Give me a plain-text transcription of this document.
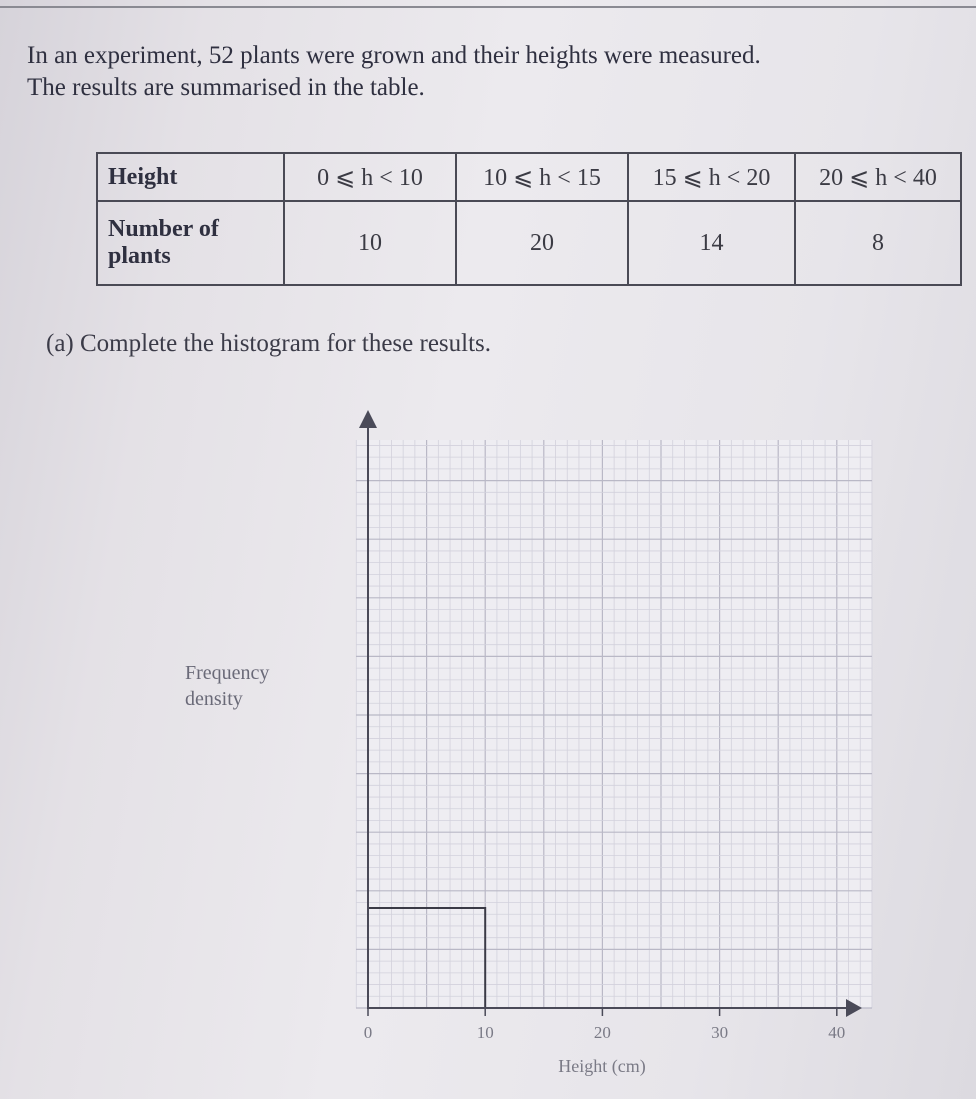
In an experiment, 52 plants were grown and their heights were measured.
The results are summarised in the table.
Height	0 ⩽ h < 10	10 ⩽ h < 15	15 ⩽ h < 20	20 ⩽ h < 40
Number of plants	10	20	14	8
(a) Complete the histogram for these results.
0	10	20	30	40
Frequency
density
Height (cm)
